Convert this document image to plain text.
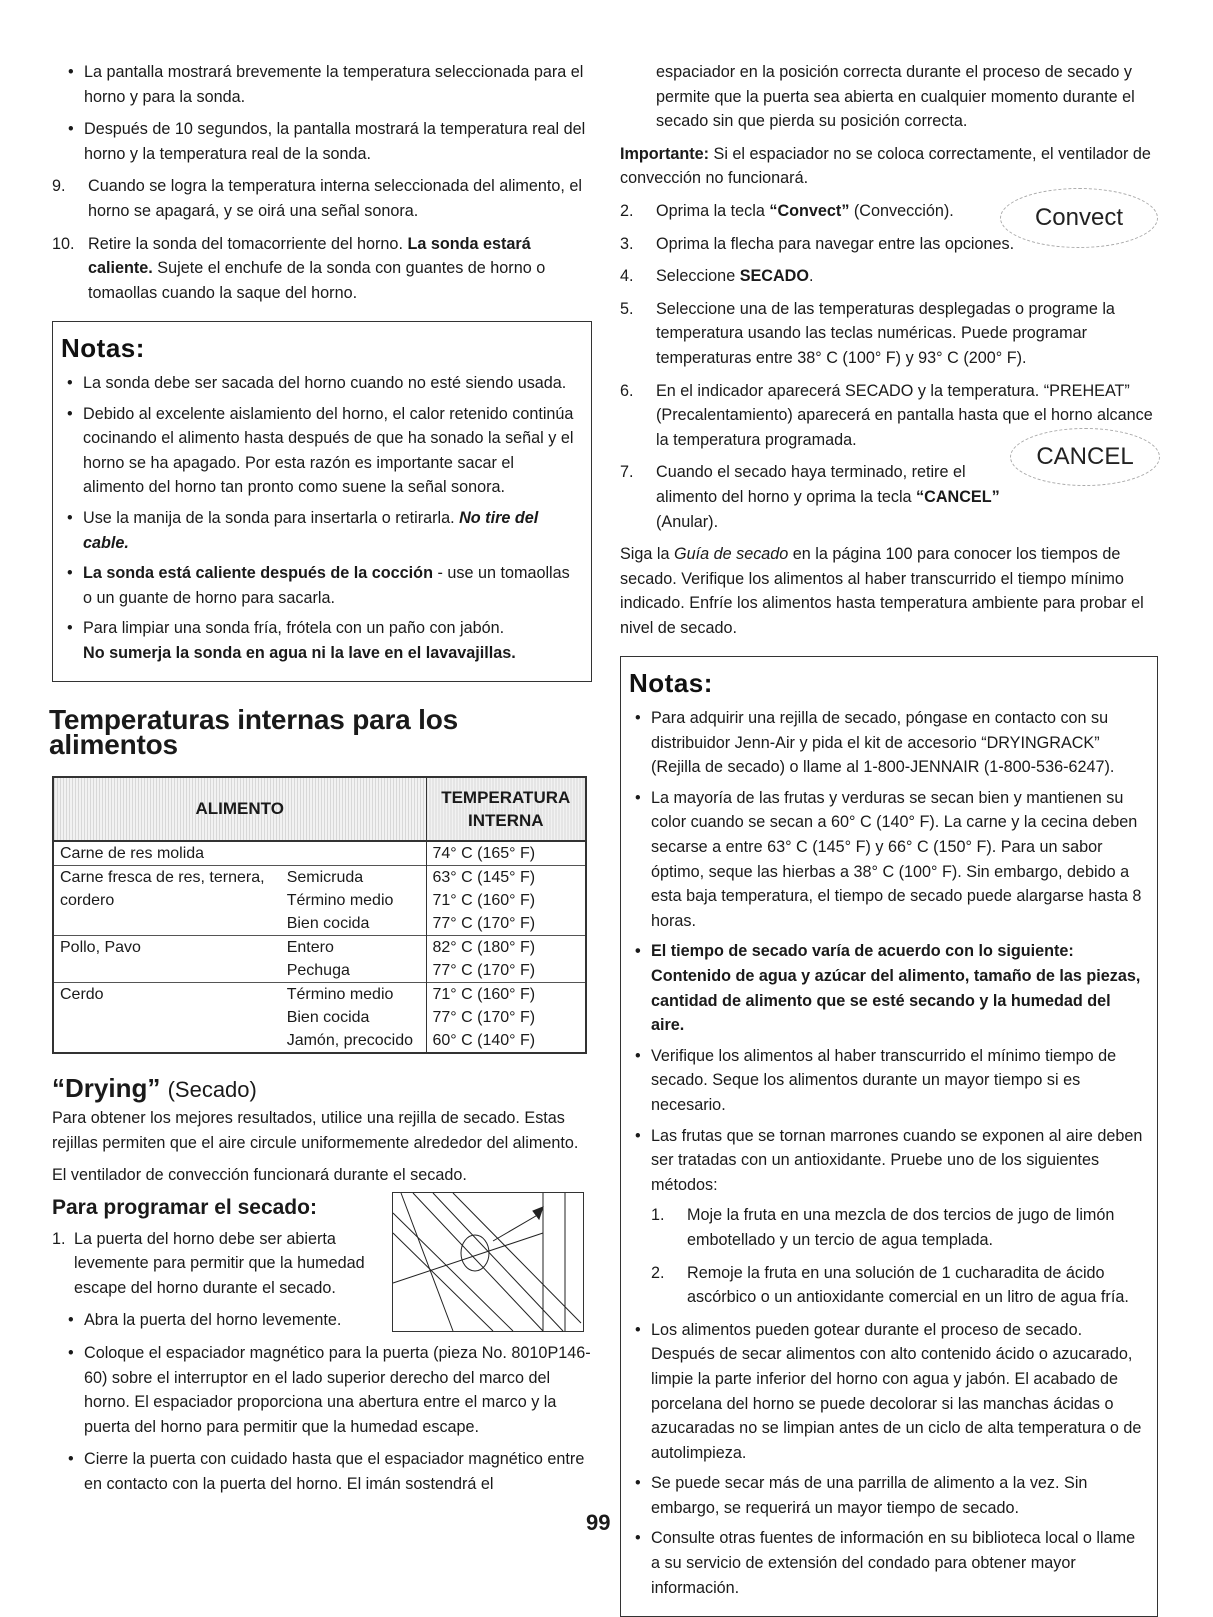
• La pantalla mostrará brevemente la temperatura seleccionada para el horno y para la sonda.
• Después de 10 segundos, la pantalla mostrará la temperatura real del horno y la temperatura real de la sonda.
9. Cuando se logra la temperatura interna seleccionada del alimento, el horno se apagará, y se oirá una señal sonora.
10. Retire la sonda del tomacorriente del horno. La sonda estará caliente. Sujete el enchufe de la sonda con guantes de horno o tomaollas cuando la saque del horno.
Notas:
• La sonda debe ser sacada del horno cuando no esté siendo usada.
• Debido al excelente aislamiento del horno, el calor retenido continúa cocinando el alimento hasta después de que ha sonado la señal y el horno se ha apagado. Por esta razón es importante sacar el alimento del horno tan pronto como suene la señal sonora.
• Use la manija de la sonda para insertarla o retirarla. No tire del cable.
• La sonda está caliente después de la cocción - use un tomaollas o un guante de horno para sacarla.
• Para limpiar una sonda fría, frótela con un paño con jabón.
No sumerja la sonda en agua ni la lave en el lavavajillas.
Temperaturas internas para los alimentos
ALIMENTO		TEMPERATURA INTERNA
Carne de res molida		74° C (165° F)
Carne fresca de res, ternera,	Semicruda	63° C (145° F)
cordero	Término medio	71° C (160° F)
	Bien cocida	77° C (170° F)
Pollo, Pavo	Entero	82° C (180° F)
	Pechuga	77° C (170° F)
Cerdo	Término medio	71° C (160° F)
	Bien cocida	77° C (170° F)
	Jamón, precocido	60° C (140° F)
“Drying” (Secado)

Para obtener los mejores resultados, utilice una rejilla de secado. Estas rejillas permiten que el aire circule uniformemente alrededor del alimento.

El ventilador de convección funcionará durante el secado.

Para programar el secado:
1. La puerta del horno debe ser abierta levemente para permitir que la humedad escape del horno durante el secado.
• Abra la puerta del horno levemente.
• Coloque el espaciador magnético para la puerta (pieza No. 8010P146-60) sobre el interruptor en el lado superior derecho del marco del horno. El espaciador proporciona una abertura entre el marco y la puerta del horno para permitir que la humedad escape.
• Cierre la puerta con cuidado hasta que el espaciador magnético entre en contacto con la puerta del horno. El imán sostendrá el

espaciador en la posición correcta durante el proceso de secado y permite que la puerta sea abierta en cualquier momento durante el secado sin que pierda su posición correcta.

Importante: Si el espaciador no se coloca correctamente, el ventilador de convección no funcionará.

2. Oprima la tecla “Convect” (Convección).
3. Oprima la flecha para navegar entre las opciones.
4. Seleccione SECADO.
5. Seleccione una de las temperaturas desplegadas o programe la temperatura usando las teclas numéricas. Puede programar temperaturas entre 38° C (100° F) y 93° C (200° F).
6. En el indicador aparecerá SECADO y la temperatura. “PREHEAT” (Precalentamiento) aparecerá en pantalla hasta que el horno alcance la temperatura programada.
7. Cuando el secado haya terminado, retire el alimento del horno y oprima la tecla “CANCEL” (Anular).

Siga la Guía de secado en la página 100 para conocer los tiempos de secado. Verifique los alimentos al haber transcurrido el tiempo mínimo indicado. Enfríe los alimentos hasta temperatura ambiente para probar el nivel de secado.

Notas:
• Para adquirir una rejilla de secado, póngase en contacto con su distribuidor Jenn-Air y pida el kit de accesorio “DRYINGRACK” (Rejilla de secado) o llame al 1-800-JENNAIR (1-800-536-6247).
• La mayoría de las frutas y verduras se secan bien y mantienen su color cuando se secan a 60° C (140° F). La carne y la cecina deben secarse a entre 63° C (145° F) y 66° C (150° F). Para un sabor óptimo, seque las hierbas a 38° C (100° F). Sin embargo, debido a esta baja temperatura, el tiempo de secado puede alargarse hasta 8 horas.
• El tiempo de secado varía de acuerdo con lo siguiente: Contenido de agua y azúcar del alimento, tamaño de las piezas, cantidad de alimento que se esté secando y la humedad del aire.
• Verifique los alimentos al haber transcurrido el mínimo tiempo de secado. Seque los alimentos durante un mayor tiempo si es necesario.
• Las frutas que se tornan marrones cuando se exponen al aire deben ser tratadas con un antioxidante. Pruebe uno de los siguientes métodos:
1. Moje la fruta en una mezcla de dos tercios de jugo de limón embotellado y un tercio de agua templada.
2. Remoje la fruta en una solución de 1 cucharadita de ácido ascórbico o un antioxidante comercial en un litro de agua fría.
• Los alimentos pueden gotear durante el proceso de secado. Después de secar alimentos con alto contenido ácido o azucarado, limpie la parte inferior del horno con agua y jabón. El acabado de porcelana del horno se puede decolorar si las manchas ácidas o azucaradas no se limpian antes de un ciclo de alta temperatura o de autolimpieza.
• Se puede secar más de una parrilla de alimento a la vez. Sin embargo, se requerirá un mayor tiempo de secado.
• Consulte otras fuentes de información en su biblioteca local o llame a su servicio de extensión del condado para obtener mayor información.
Convect
CANCEL
99
